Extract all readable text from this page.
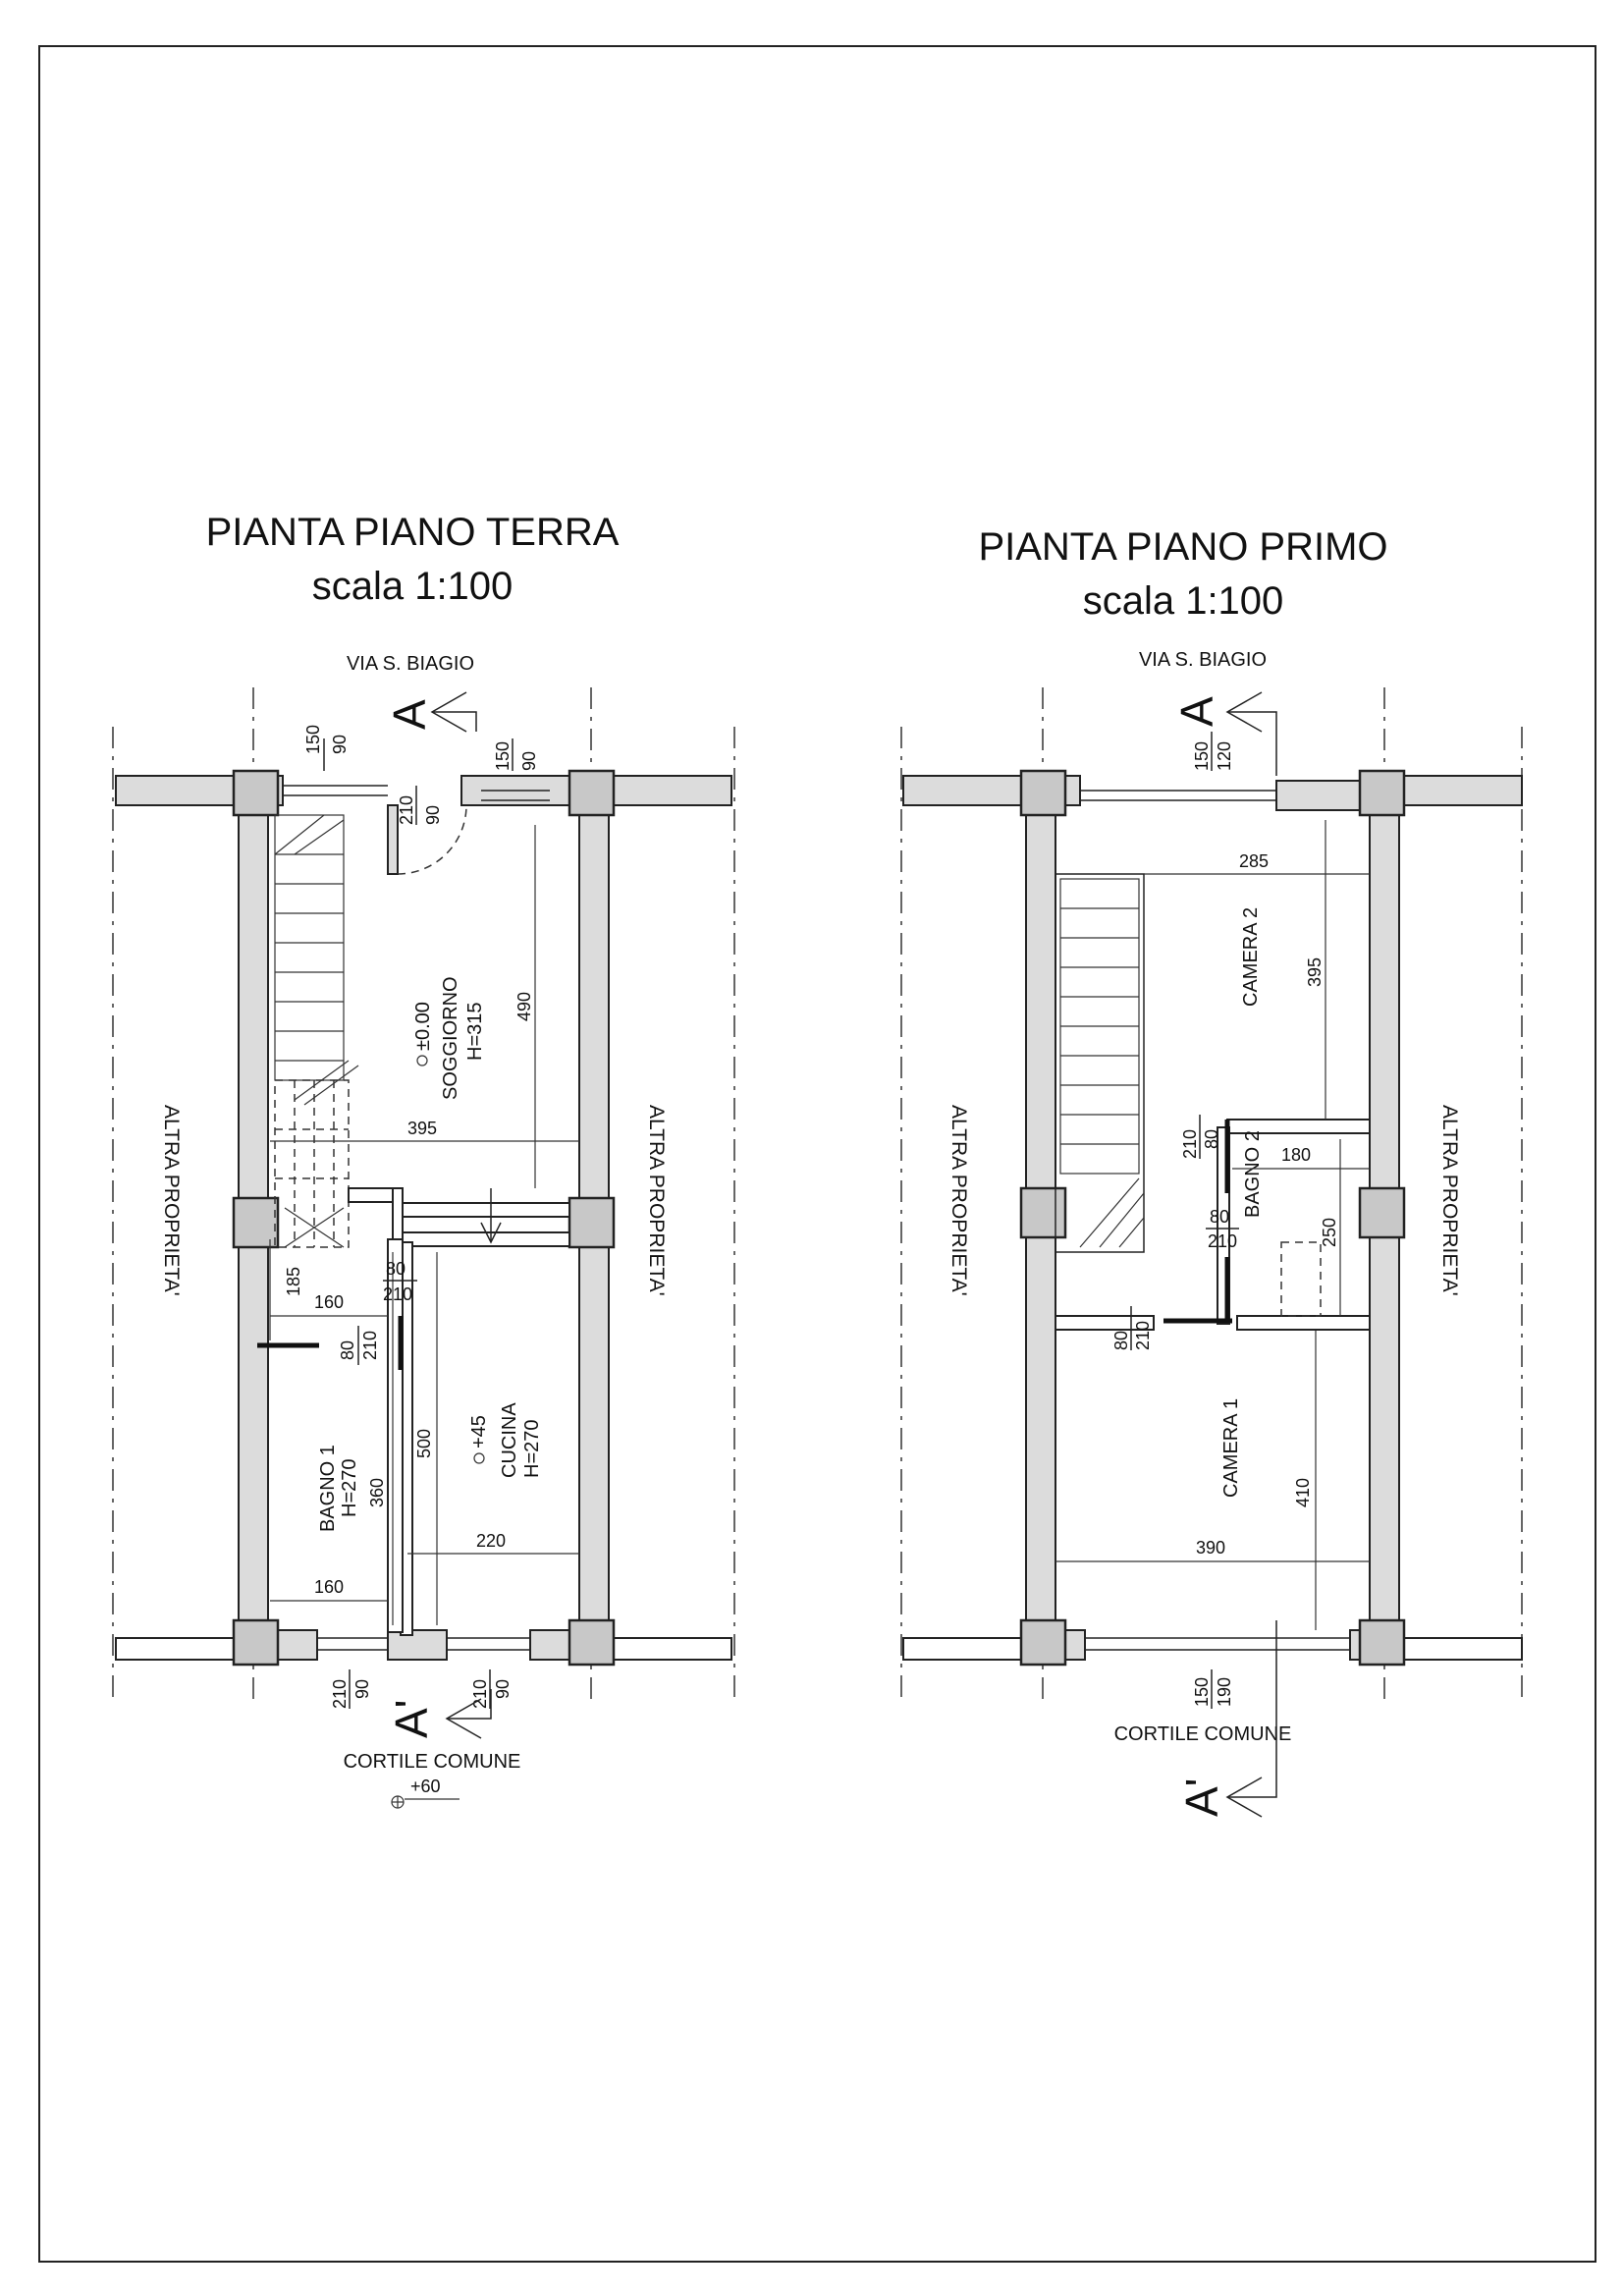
PIANTA PIANO TERRA
scala 1:100
VIA S. BIAGIO
A
150 90
210 90
150 90
SOGGIORNO H=315
±0.00
CUCINA H=270
+45
BAGNO 1 H=270
395
490
185
160
160
360
500
220
80
210
80 210
210 90	210 90
A'
CORTILE COMUNE
+60
ALTRA PROPRIETA'	ALTRA PROPRIETA'
PIANTA PIANO PRIMO
scala 1:100
VIA S. BIAGIO
A
150 120
CAMERA 2
BAGNO 2
CAMERA 1
285
395
180
250
390
410
210 80
80
210
80 210
150 190
CORTILE COMUNE
A'
ALTRA PROPRIETA'	ALTRA PROPRIETA'
